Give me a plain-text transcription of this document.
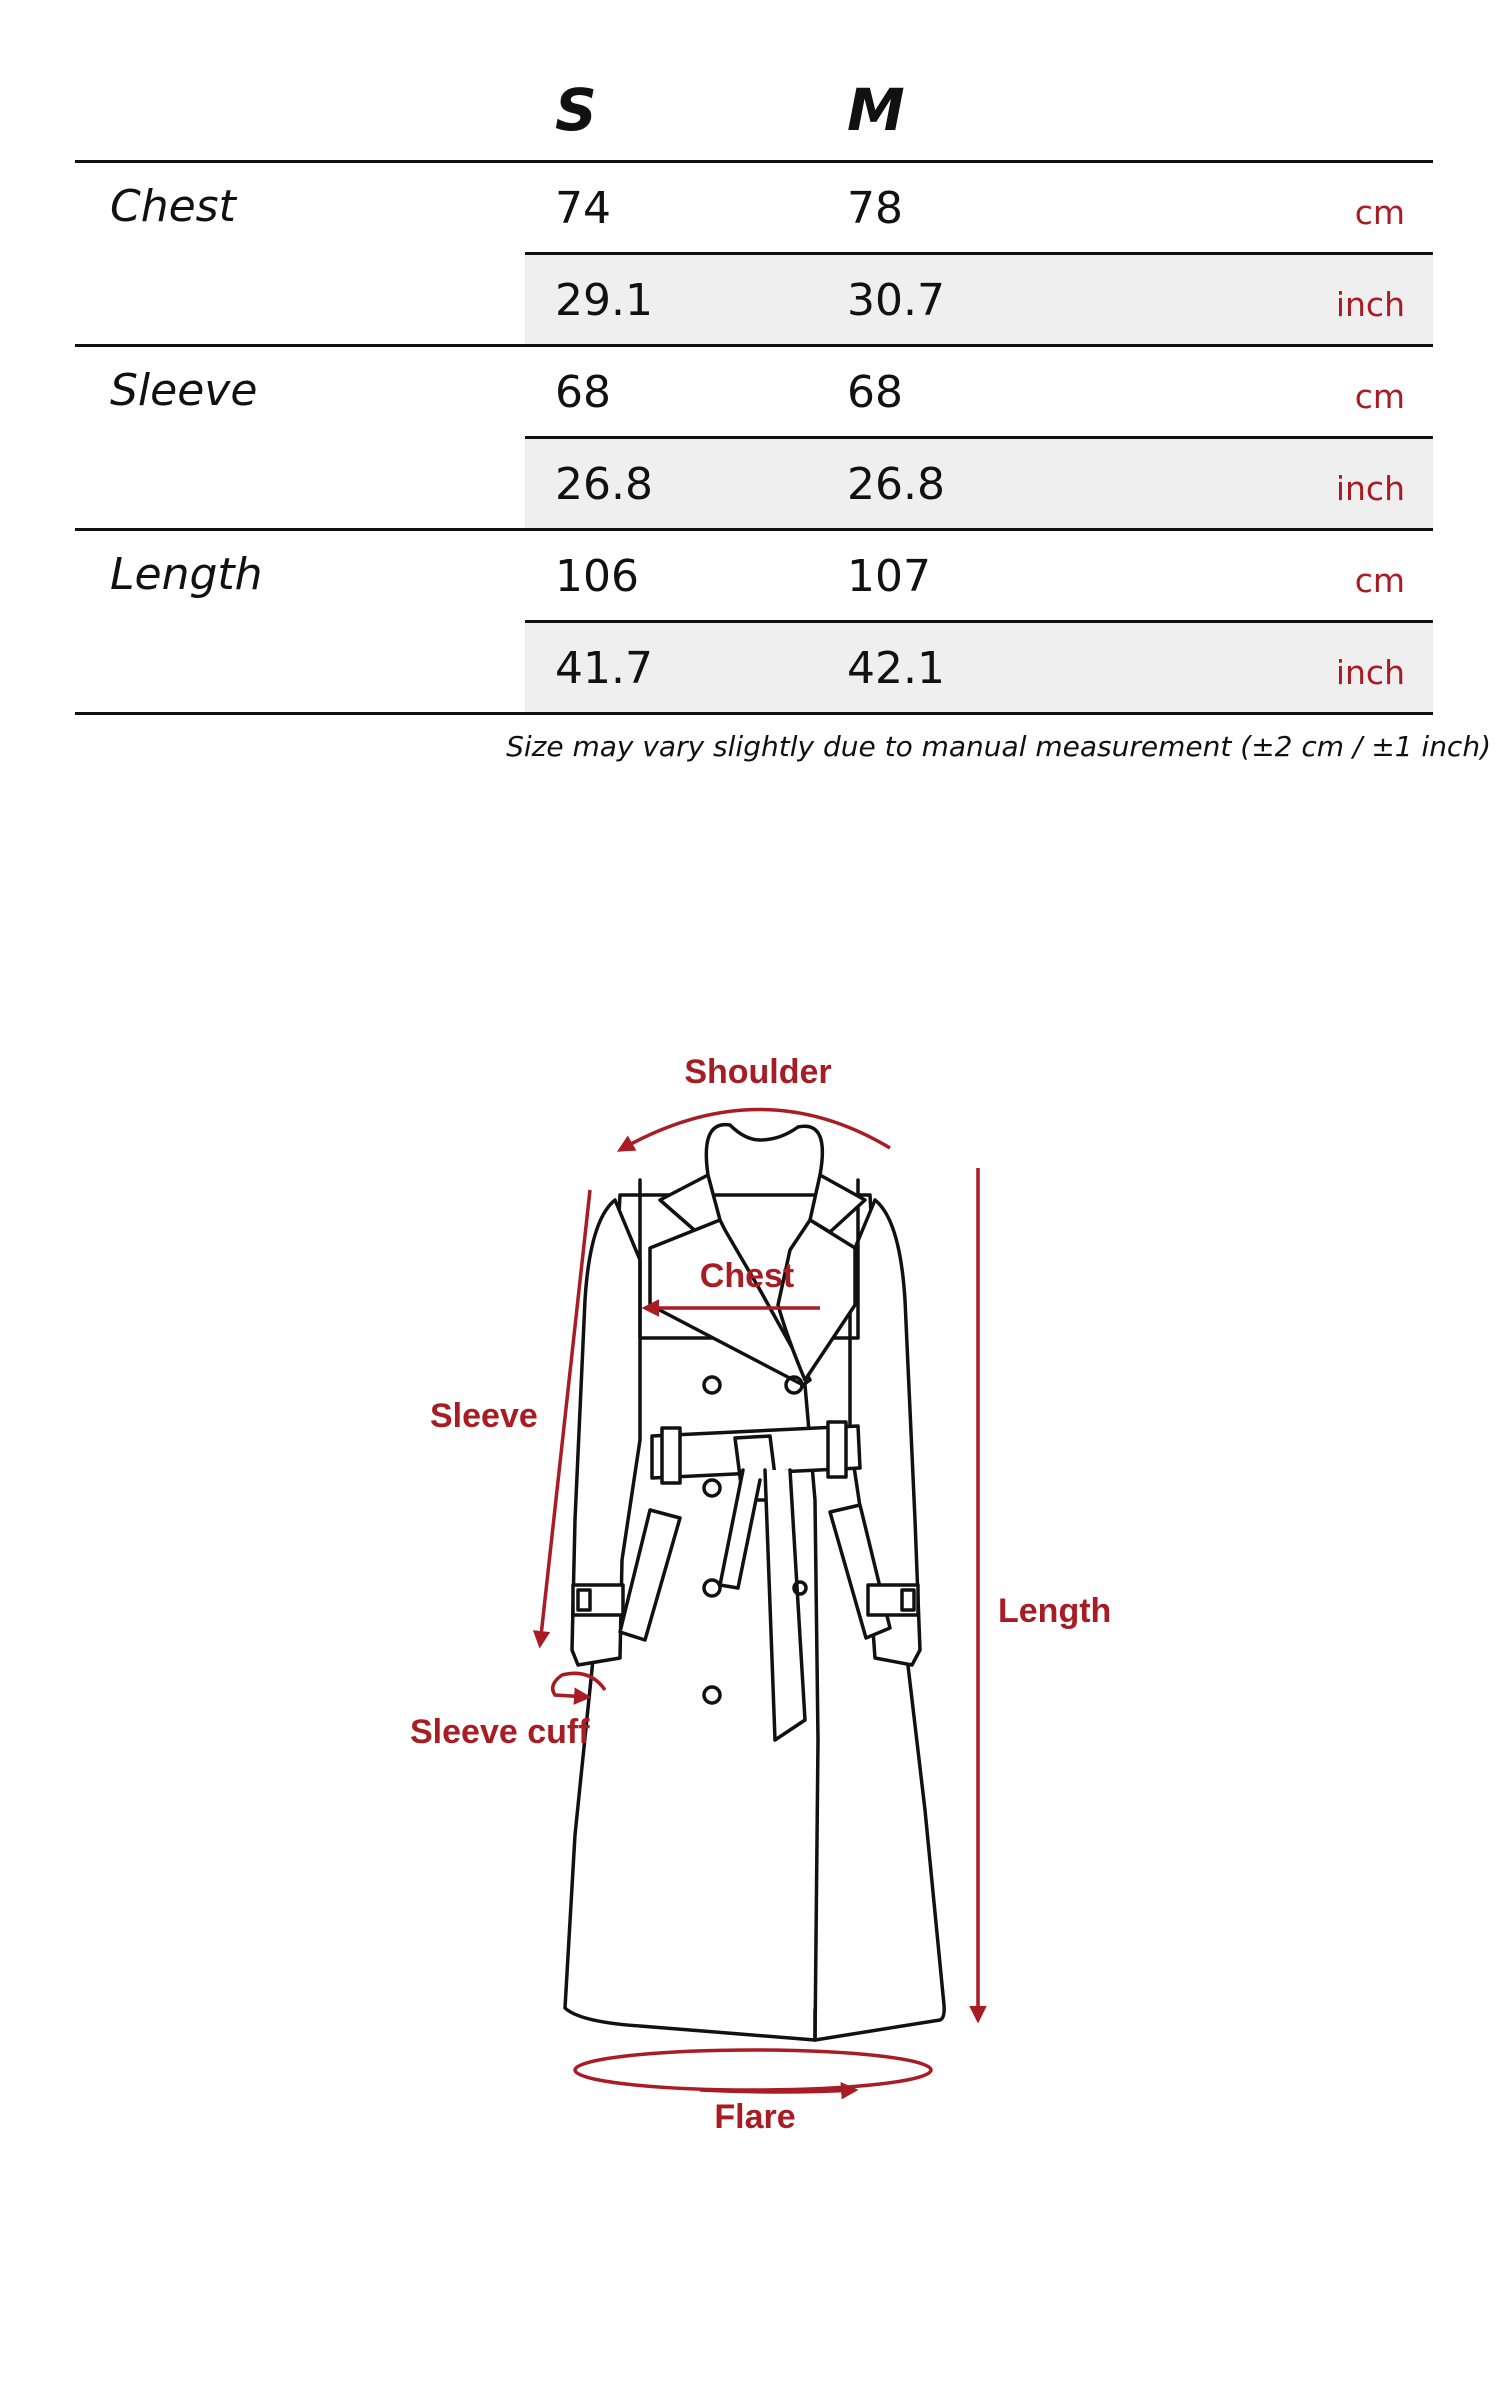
S	M
Chest	74	78	cm
29.1	30.7	inch
Sleeve	68	68	cm
26.8	26.8	inch
Length	106	107	cm
41.7	42.1	inch
Size may vary slightly due to manual measurement (±2 cm / ±1 inch)
Shoulder
Chest
Sleeve
Sleeve cuff
Length
Flare
